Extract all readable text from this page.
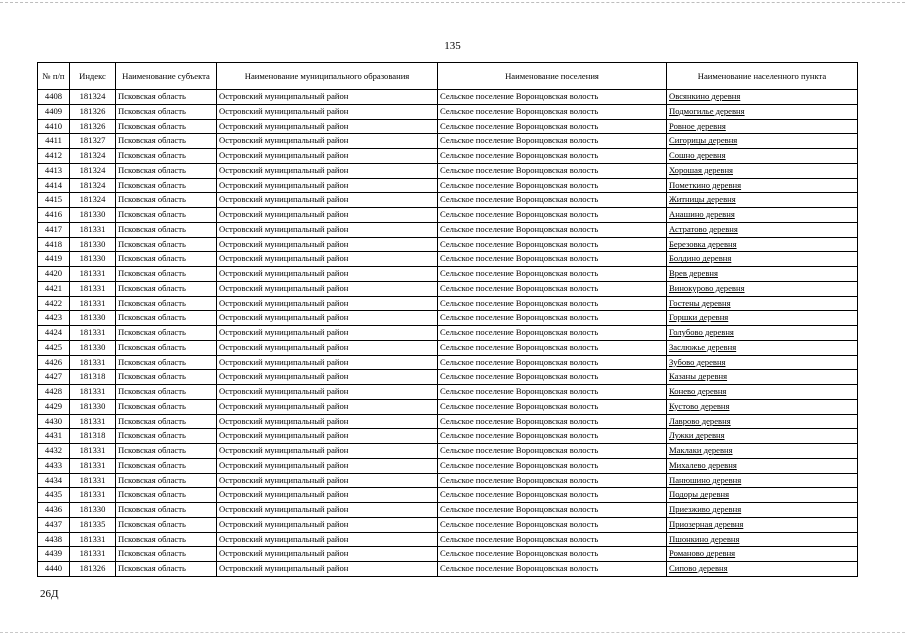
135
№ п/п	Индекс	Наименование субъекта	Наименование муниципального образования	Наименование поселения	Наименование населенного пункта
4408	181324	Псковская область	Островский муниципальный район	Сельское поселение Воронцовская волость	Овсянкино деревня
4409	181326	Псковская область	Островский муниципальный район	Сельское поселение Воронцовская волость	Подмогилье деревня
4410	181326	Псковская область	Островский муниципальный район	Сельское поселение Воронцовская волость	Ровное деревня
4411	181327	Псковская область	Островский муниципальный район	Сельское поселение Воронцовская волость	Сигорицы деревня
4412	181324	Псковская область	Островский муниципальный район	Сельское поселение Воронцовская волость	Сошно деревня
4413	181324	Псковская область	Островский муниципальный район	Сельское поселение Воронцовская волость	Хорошая деревня
4414	181324	Псковская область	Островский муниципальный район	Сельское поселение Воронцовская волость	Пометкино деревня
4415	181324	Псковская область	Островский муниципальный район	Сельское поселение Воронцовская волость	Житницы деревня
4416	181330	Псковская область	Островский муниципальный район	Сельское поселение Воронцовская волость	Анашино деревня
4417	181331	Псковская область	Островский муниципальный район	Сельское поселение Воронцовская волость	Астратово деревня
4418	181330	Псковская область	Островский муниципальный район	Сельское поселение Воронцовская волость	Березовка деревня
4419	181330	Псковская область	Островский муниципальный район	Сельское поселение Воронцовская волость	Болдино деревня
4420	181331	Псковская область	Островский муниципальный район	Сельское поселение Воронцовская волость	Врев деревня
4421	181331	Псковская область	Островский муниципальный район	Сельское поселение Воронцовская волость	Винокурово деревня
4422	181331	Псковская область	Островский муниципальный район	Сельское поселение Воронцовская волость	Гостены деревня
4423	181330	Псковская область	Островский муниципальный район	Сельское поселение Воронцовская волость	Горшки деревня
4424	181331	Псковская область	Островский муниципальный район	Сельское поселение Воронцовская волость	Голубово деревня
4425	181330	Псковская область	Островский муниципальный район	Сельское поселение Воронцовская волость	Заслюжье деревня
4426	181331	Псковская область	Островский муниципальный район	Сельское поселение Воронцовская волость	Зубово деревня
4427	181318	Псковская область	Островский муниципальный район	Сельское поселение Воронцовская волость	Казаны деревня
4428	181331	Псковская область	Островский муниципальный район	Сельское поселение Воронцовская волость	Конево деревня
4429	181330	Псковская область	Островский муниципальный район	Сельское поселение Воронцовская волость	Кустово деревня
4430	181331	Псковская область	Островский муниципальный район	Сельское поселение Воронцовская волость	Лаврово деревня
4431	181318	Псковская область	Островский муниципальный район	Сельское поселение Воронцовская волость	Лужки деревня
4432	181331	Псковская область	Островский муниципальный район	Сельское поселение Воронцовская волость	Маклаки деревня
4433	181331	Псковская область	Островский муниципальный район	Сельское поселение Воронцовская волость	Михалево деревня
4434	181331	Псковская область	Островский муниципальный район	Сельское поселение Воронцовская волость	Панюшино деревня
4435	181331	Псковская область	Островский муниципальный район	Сельское поселение Воронцовская волость	Подоры деревня
4436	181330	Псковская область	Островский муниципальный район	Сельское поселение Воронцовская волость	Приезживо деревня
4437	181335	Псковская область	Островский муниципальный район	Сельское поселение Воронцовская волость	Приозерная деревня
4438	181331	Псковская область	Островский муниципальный район	Сельское поселение Воронцовская волость	Пшонкино деревня
4439	181331	Псковская область	Островский муниципальный район	Сельское поселение Воронцовская волость	Романово деревня
4440	181326	Псковская область	Островский муниципальный район	Сельское поселение Воронцовская волость	Сипово деревня
26Д
